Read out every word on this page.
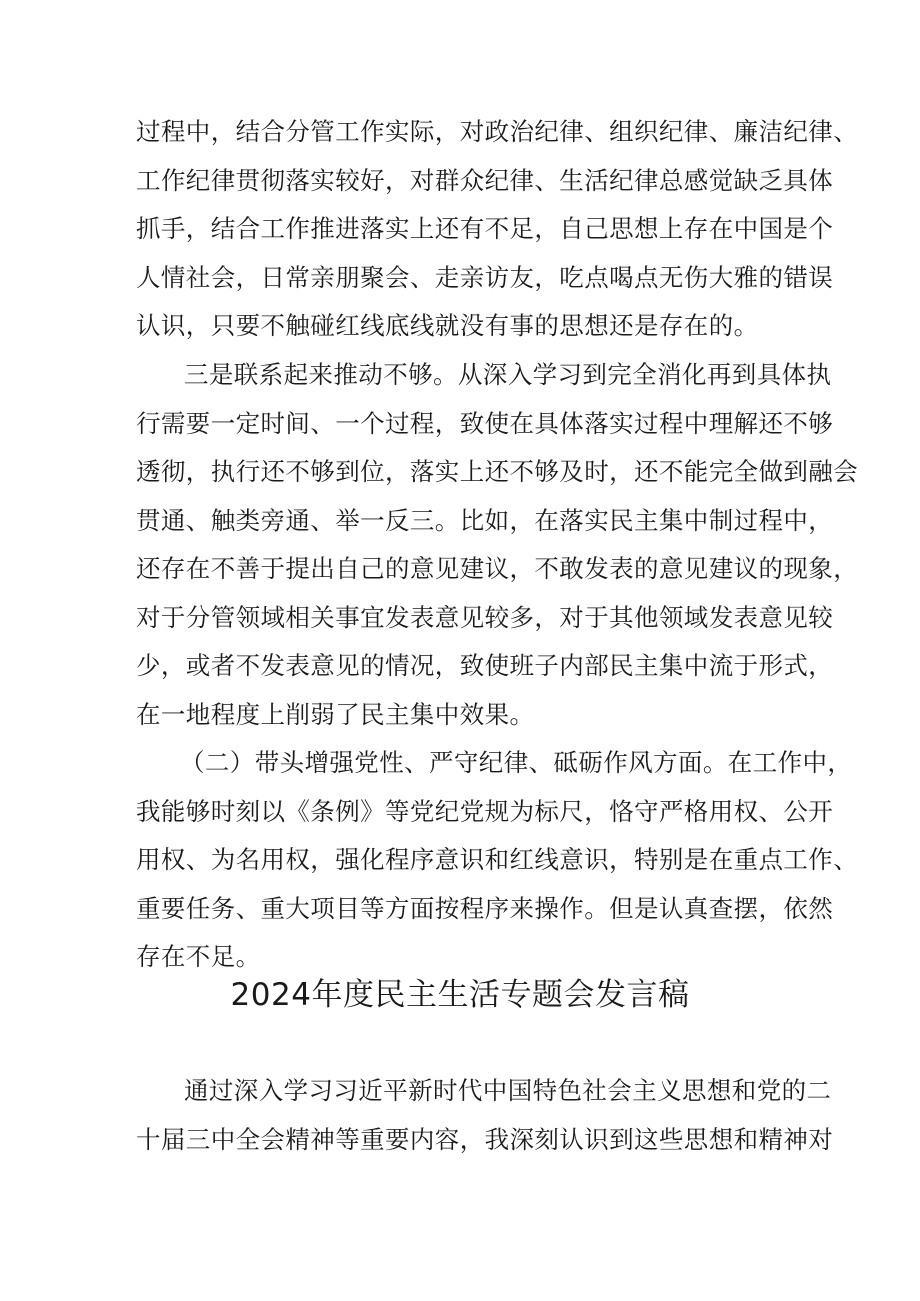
过程中，结合分管工作实际，对政治纪律、组织纪律、廉洁纪律、
工作纪律贯彻落实较好，对群众纪律、生活纪律总感觉缺乏具体
抓手，结合工作推进落实上还有不足，自己思想上存在中国是个
人情社会，日常亲朋聚会、走亲访友，吃点喝点无伤大雅的错误
认识，只要不触碰红线底线就没有事的思想还是存在的。
三是联系起来推动不够。从深入学习到完全消化再到具体执
行需要一定时间、一个过程，致使在具体落实过程中理解还不够
透彻，执行还不够到位，落实上还不够及时，还不能完全做到融会
贯通、触类旁通、举一反三。比如，在落实民主集中制过程中，
还存在不善于提出自己的意见建议，不敢发表的意见建议的现象，
对于分管领域相关事宜发表意见较多，对于其他领域发表意见较
少，或者不发表意见的情况，致使班子内部民主集中流于形式，
在一地程度上削弱了民主集中效果。
（二）带头增强党性、严守纪律、砥砺作风方面。在工作中，
我能够时刻以《条例》等党纪党规为标尺，恪守严格用权、公开
用权、为名用权，强化程序意识和红线意识，特别是在重点工作、
重要任务、重大项目等方面按程序来操作。但是认真查摆，依然
存在不足。
2024年度民主生活专题会发言稿
通过深入学习习近平新时代中国特色社会主义思想和党的二
十届三中全会精神等重要内容，我深刻认识到这些思想和精神对
